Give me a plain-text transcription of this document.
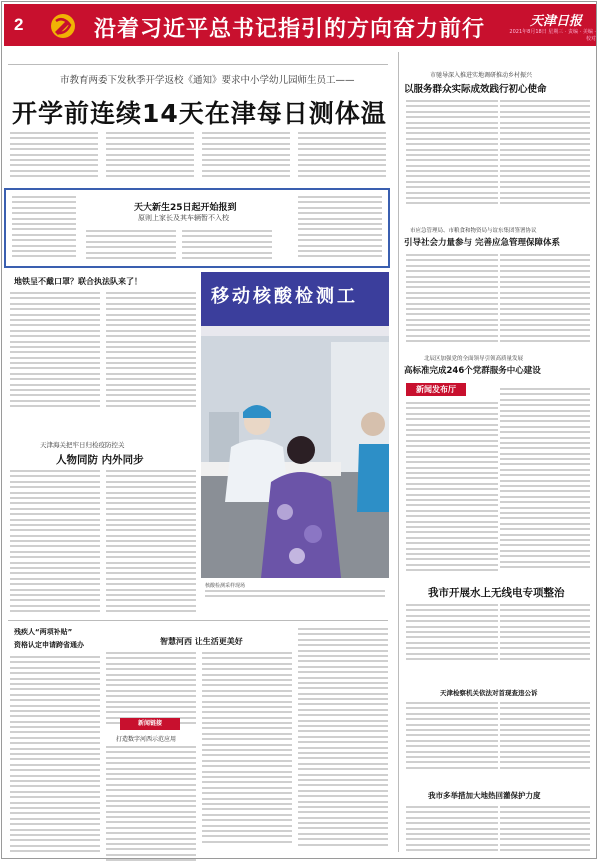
2	沿着习近平总书记指引的方向奋力前行	天津日报
2021年8月18日 星期三 · 责编 · 美编 · 校对
市教育两委下发秋季开学返校《通知》要求中小学幼儿园师生员工——
开学前连续14天在津每日测体温
天大新生25日起开始报到
原则上家长及其车辆暂不入校
地铁呈不戴口罩？联合执法队来了！
天津海关把牢日归检疫防控关
人物同防 内外同步
移动核酸检测工
核酸检测采样现场
残疾人“两项补贴”
资格认定申请跨省通办	智慧河西 让生活更美好
新闻链接
打造数字河西示范应用
市驰导深入推进实地调研推动乡村振兴
以服务群众实际成效践行初心使命
市应急管理局、市粮食和物资局与谊东集团签署协议
引导社会力量参与 完善应急管理保障体系
北辰区加强党的全面领导引领高质量发展
高标准完成246个党群服务中心建设
新闻发布厅
我市开展水上无线电专项整治
天津检察机关依法对首现查违公诉
我市多举措加大地热回灌保护力度
